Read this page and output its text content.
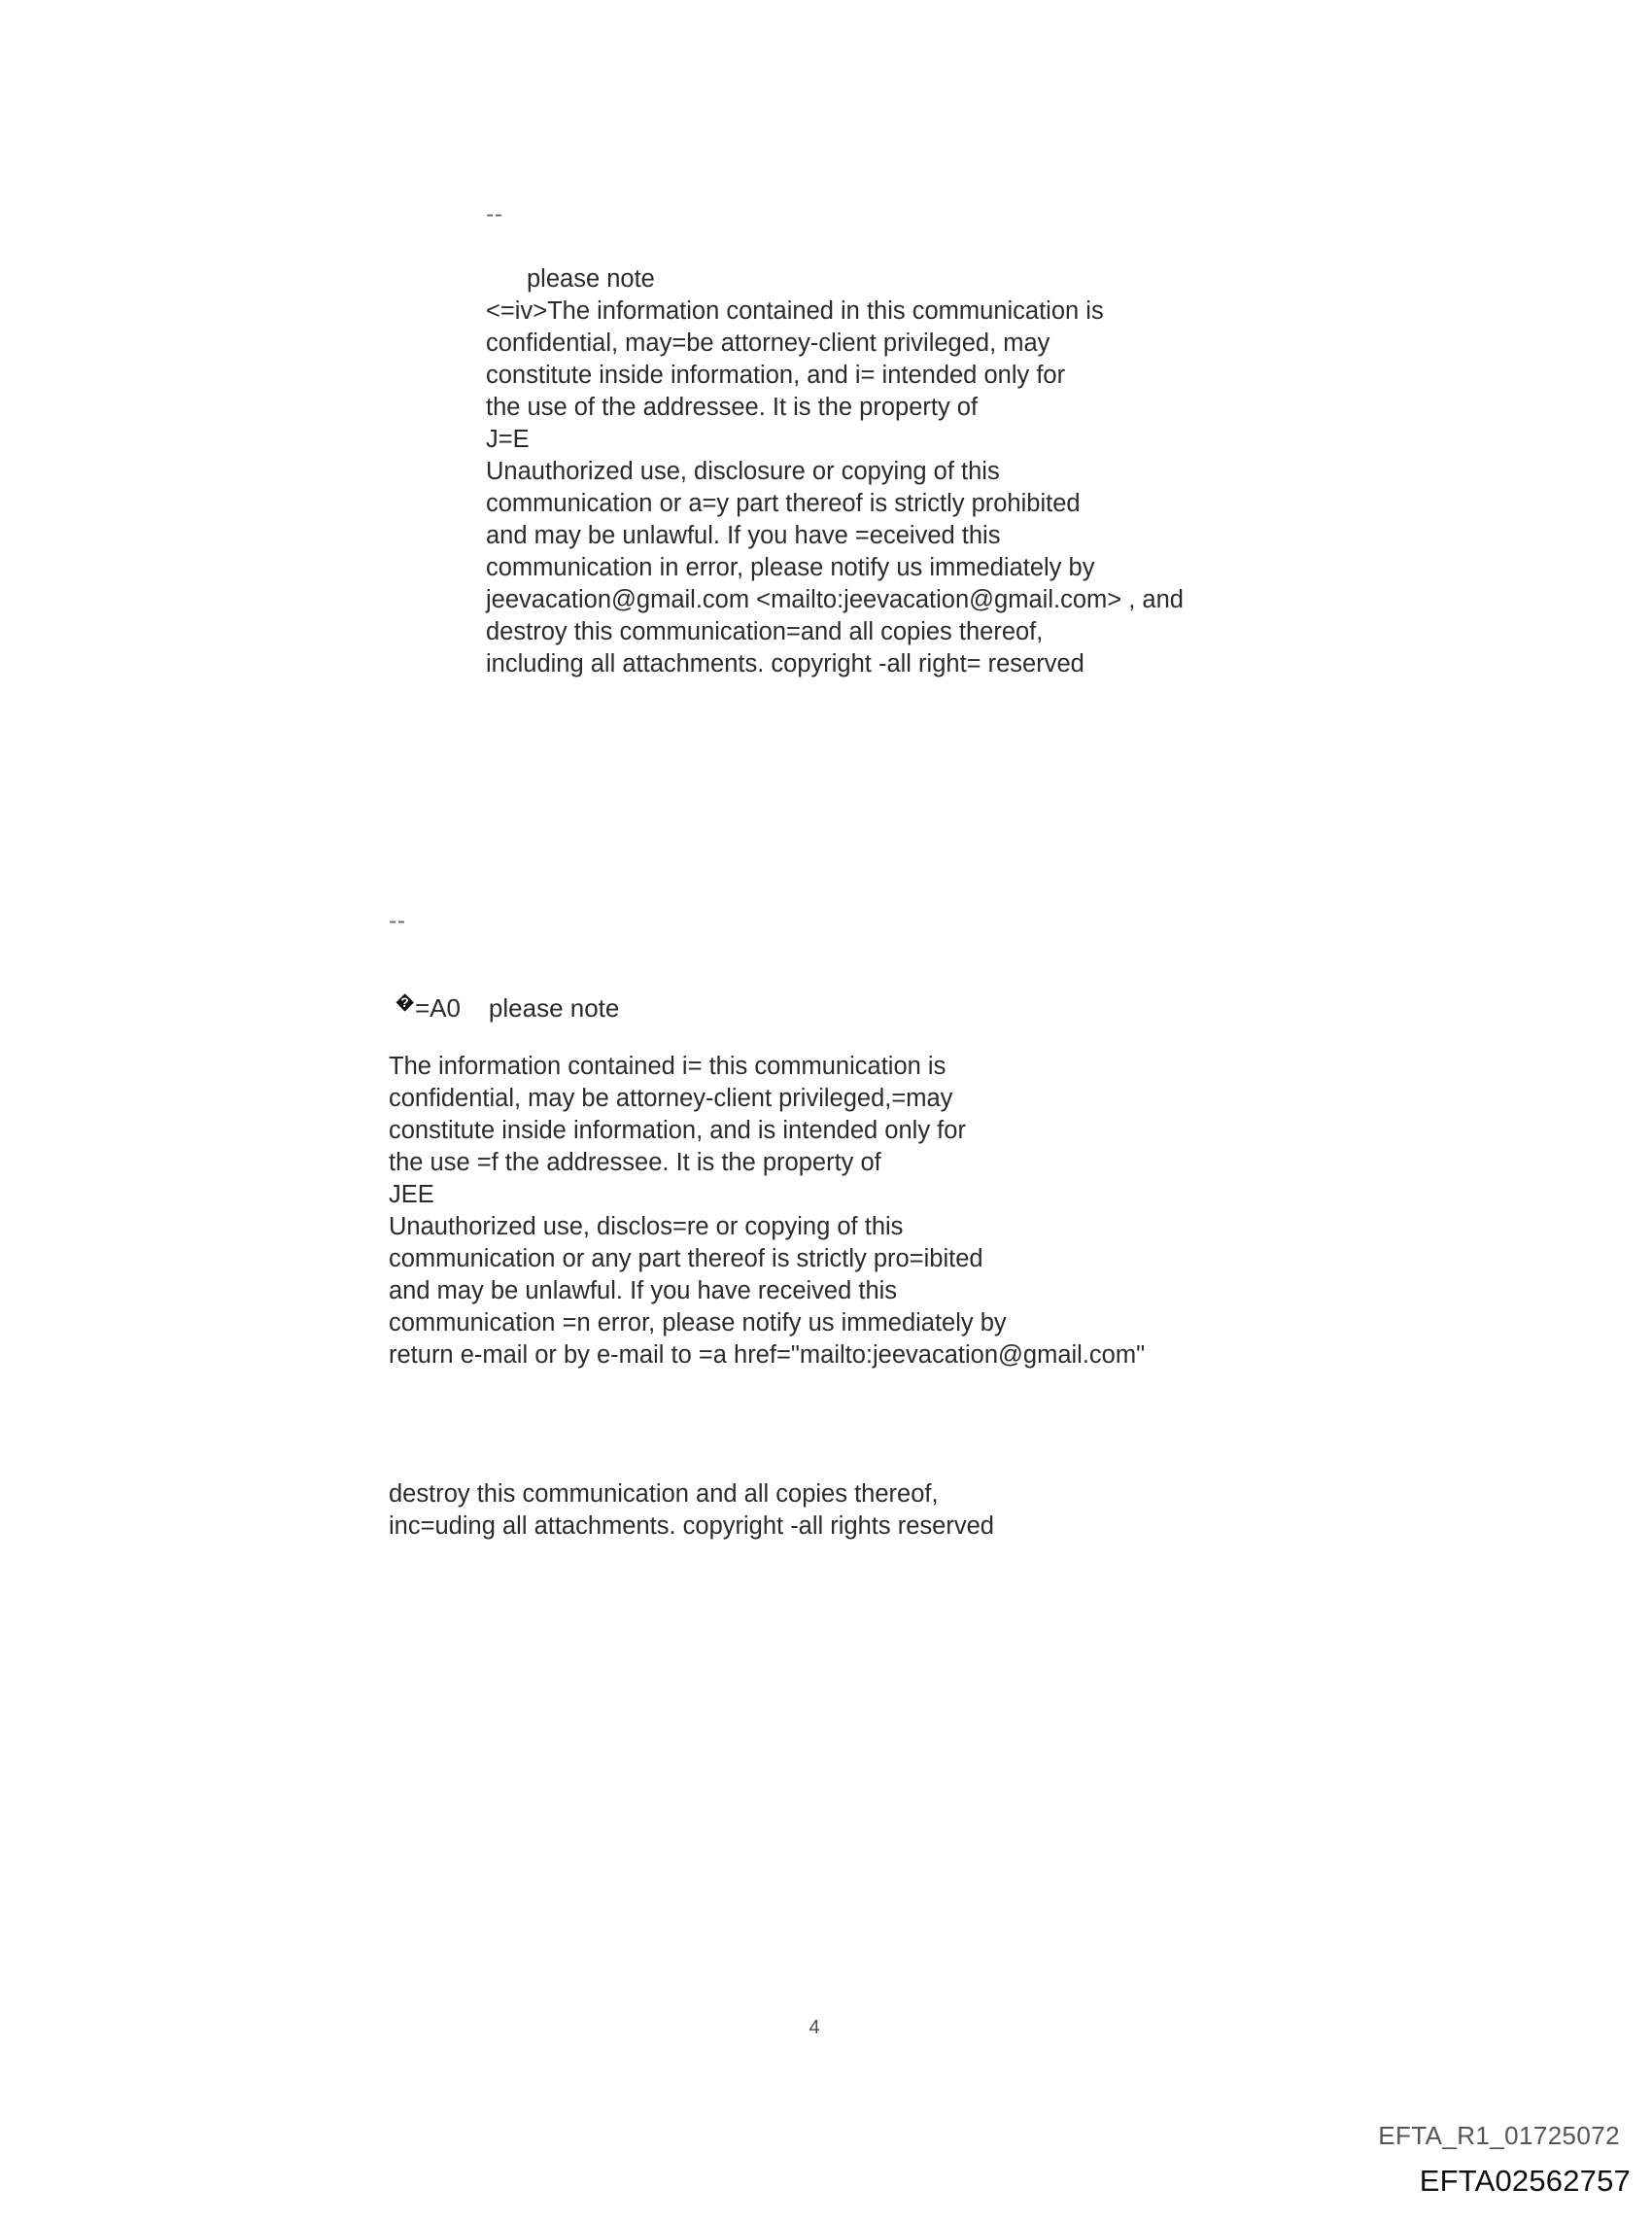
--
please note
<=iv>The information contained in this communication is
confidential, may=be attorney-client privileged, may
constitute inside information, and i= intended only for
the use of the addressee. It is the property of
J=E
Unauthorized use, disclosure or copying of this
communication or a=y part thereof is strictly prohibited
and may be unlawful. If you have =eceived this
communication in error, please notify us immediately by
jeevacation@gmail.com <mailto:jeevacation@gmail.com> , and
destroy this communication=and all copies thereof,
including all attachments. copyright -all right= reserved
--

?

=A0
please note
The information contained i= this communication is
confidential, may be attorney-client privileged,=may
constitute inside information, and is intended only for
the use =f the addressee. It is the property of
JEE
Unauthorized use, disclos=re or copying of this
communication or any part thereof is strictly pro=ibited
and may be unlawful. If you have received this
communication =n error, please notify us immediately by
return e-mail or by e-mail to =a href="mailto:jeevacation@gmail.com"
destroy this communication and all copies thereof,
inc=uding all attachments. copyright -all rights reserved
4
EFTA_R1_01725072
EFTA02562757
